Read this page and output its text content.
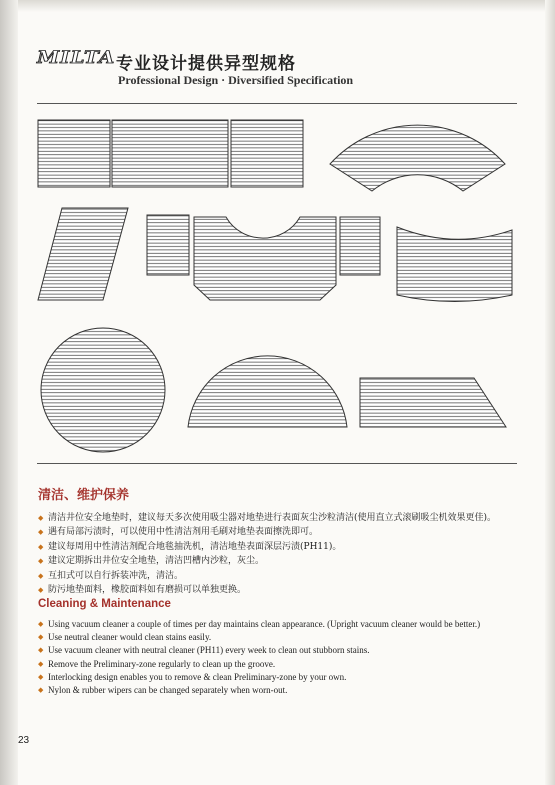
MILTA 专业设计提供异型规格
Professional Design · Diversified Specification
清洁、维护保养
◆ 清洁井位安全地垫时，建议每天多次使用吸尘器对地垫进行表面灰尘沙粒清洁(使用直立式滚刷吸尘机效果更佳)。
◆ 遇有局部污渍时，可以使用中性清洁剂用毛刷对地垫表面擦洗即可。
◆ 建议每周用中性清洁剂配合地毯抽洗机，清洁地垫表面深层污渍(PH11)。
◆ 建议定期拆出井位安全地垫，清洁凹槽内沙粒，灰尘。
◆ 互扣式可以自行拆装冲洗，清洁。
◆ 防污地垫面料，橡胶面料如有磨损可以单独更换。
Cleaning & Maintenance
◆ Using vacuum cleaner a couple of times per day maintains clean appearance. (Upright vacuum cleaner would be better.)
◆ Use neutral cleaner would clean stains easily.
◆ Use vacuum cleaner with neutral cleaner (PH11) every week to clean out stubborn stains.
◆ Remove the Preliminary-zone regularly to clean up the groove.
◆ Interlocking design enables you to remove & clean Preliminary-zone by your own.
◆ Nylon & rubber wipers can be changed separately when worn-out.
23
